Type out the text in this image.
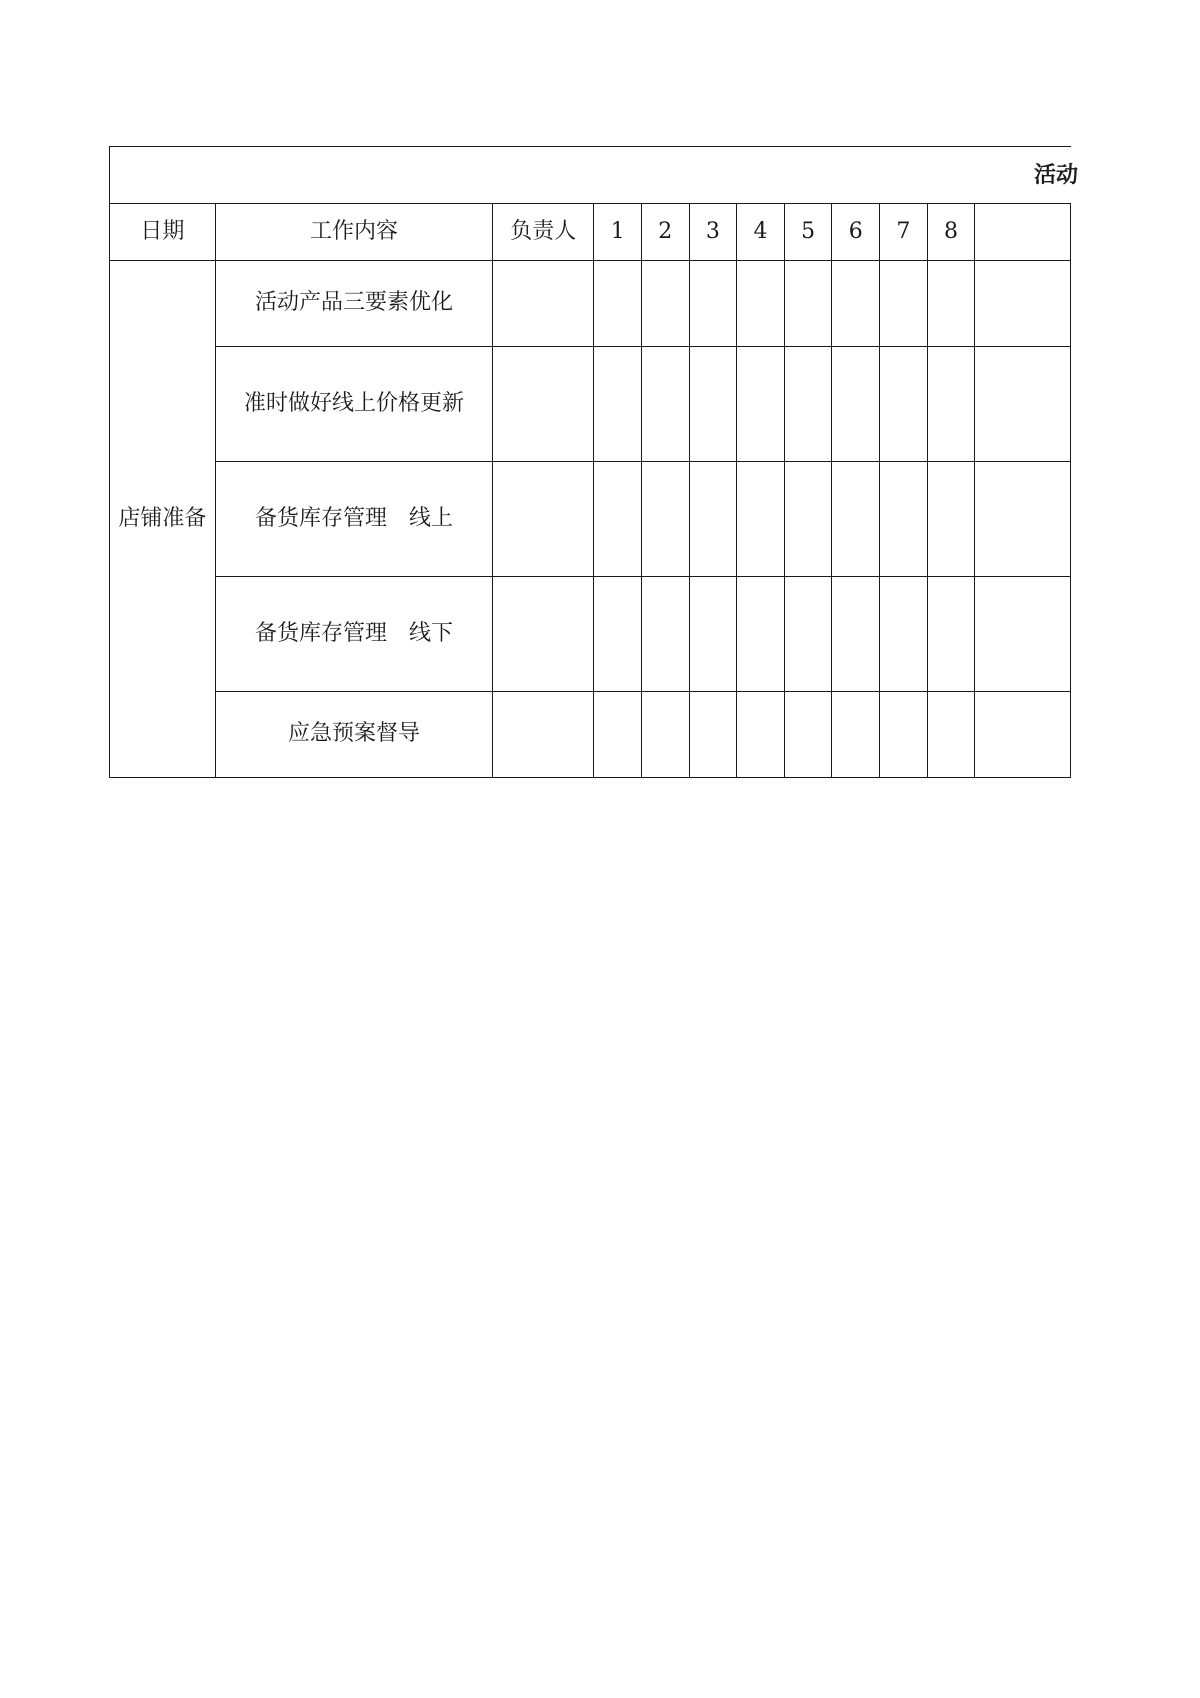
活动											
日期	工作内容	负责人	1	2	3	4	5	6	7	8	
店铺准备	活动产品三要素优化										
	准时做好线上价格更新										
	备货库存管理　线上										
	备货库存管理　线下										
	应急预案督导										
